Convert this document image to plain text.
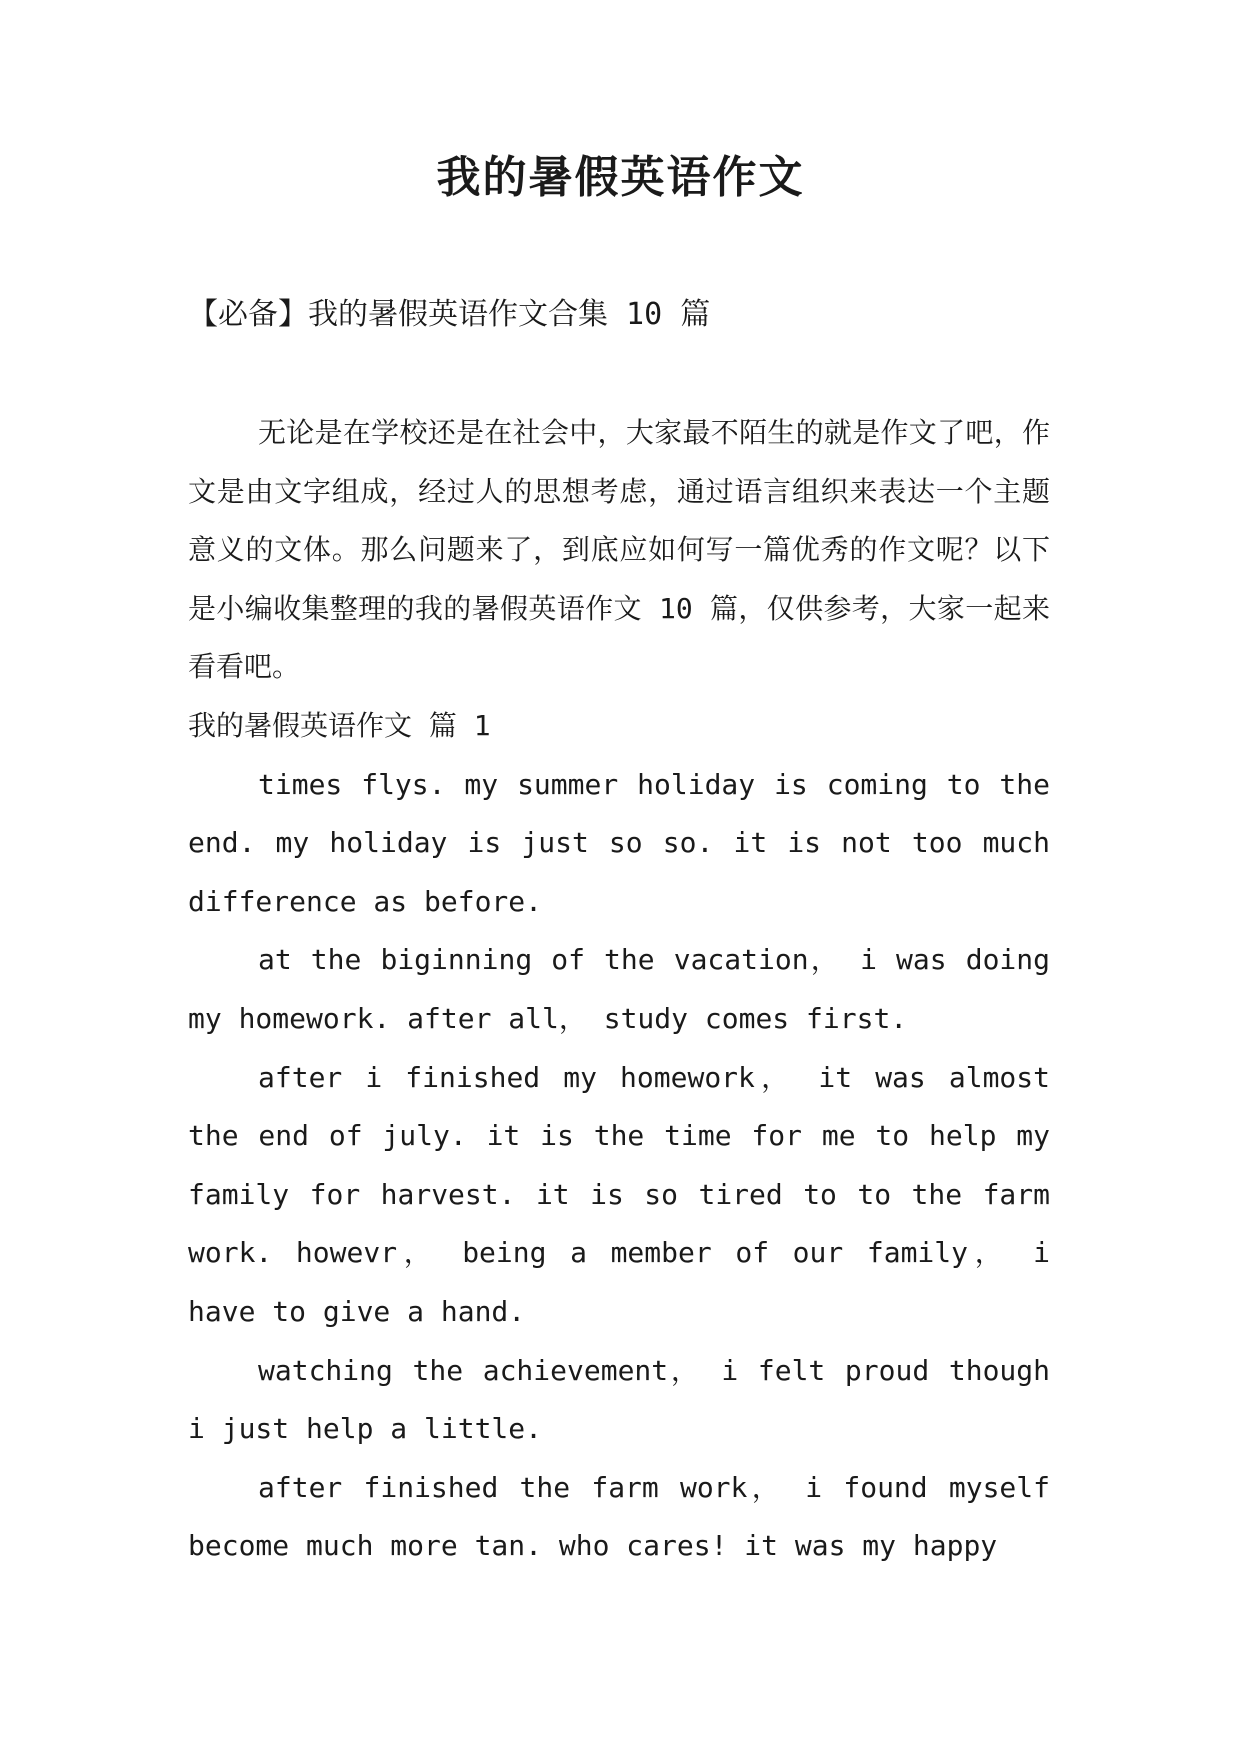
我的暑假英语作文
【必备】我的暑假英语作文合集 10 篇

无论是在学校还是在社会中，大家最不陌生的就是作文了吧，作文是由文字组成，经过人的思想考虑，通过语言组织来表达一个主题意义的文体。那么问题来了，到底应如何写一篇优秀的作文呢？以下是小编收集整理的我的暑假英语作文 10 篇，仅供参考，大家一起来看看吧。

我的暑假英语作文 篇 1

times flys. my summer holiday is coming to the end. my holiday is just so so. it is not too much difference as before.

at the biginning of the vacation， i was doing my homework. after all， study comes first.

after i finished my homework， it was almost the end of july. it is the time for me to help my family for harvest. it is so tired to to the farm work. howevr， being a member of our family， i have to give a hand.

watching the achievement， i felt proud though i just help a little.

after finished the farm work， i found myself become much more tan. who cares! it was my happy
